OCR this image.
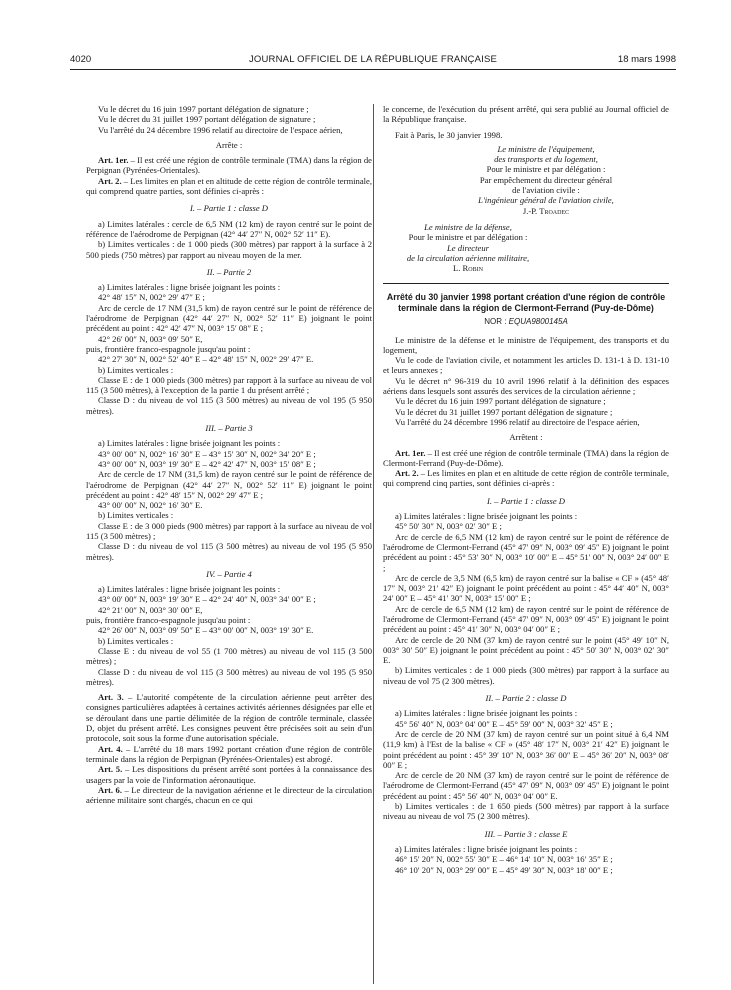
4020	JOURNAL OFFICIEL DE LA RÉPUBLIQUE FRANÇAISE	18 mars 1998

Vu le décret du 16 juin 1997 portant délégation de signature ;

Vu le décret du 31 juillet 1997 portant délégation de signature ;

Vu l'arrêté du 24 décembre 1996 relatif au directoire de l'espace aérien,

Arrête :

Art. 1er. – Il est créé une région de contrôle terminale (TMA) dans la région de Perpignan (Pyrénées-Orientales).

Art. 2. – Les limites en plan et en altitude de cette région de contrôle terminale, qui comprend quatre parties, sont définies ci-après :

I. – Partie 1 : classe D

a) Limites latérales : cercle de 6,5 NM (12 km) de rayon centré sur le point de référence de l'aérodrome de Perpignan (42° 44′ 27″ N, 002° 52′ 11″ E).

b) Limites verticales : de 1 000 pieds (300 mètres) par rapport à la surface à 2 500 pieds (750 mètres) par rapport au niveau moyen de la mer.

II. – Partie 2

a) Limites latérales : ligne brisée joignant les points :

42° 48′ 15″ N, 002° 29′ 47″ E ;

Arc de cercle de 17 NM (31,5 km) de rayon centré sur le point de référence de l'aérodrome de Perpignan (42° 44′ 27″ N, 002° 52′ 11″ E) joignant le point précédent au point : 42° 42′ 47″ N, 003° 15′ 08″ E ;

42° 26′ 00″ N, 003° 09′ 50″ E,

puis, frontière franco-espagnole jusqu'au point :

42° 27′ 30″ N, 002° 52′ 40″ E – 42° 48′ 15″ N, 002° 29′ 47″ E.

b) Limites verticales :

Classe E : de 1 000 pieds (300 mètres) par rapport à la surface au niveau de vol 115 (3 500 mètres), à l'exception de la partie 1 du présent arrêté ;

Classe D : du niveau de vol 115 (3 500 mètres) au niveau de vol 195 (5 950 mètres).

III. – Partie 3

a) Limites latérales : ligne brisée joignant les points :

43° 00′ 00″ N, 002° 16′ 30″ E – 43° 15′ 30″ N, 002° 34′ 20″ E ;

43° 00′ 00″ N, 003° 19′ 30″ E – 42° 42′ 47″ N, 003° 15′ 08″ E ;

Arc de cercle de 17 NM (31,5 km) de rayon centré sur le point de référence de l'aérodrome de Perpignan (42° 44′ 27″ N, 002° 52′ 11″ E) joignant le point précédent au point : 42° 48′ 15″ N, 002° 29′ 47″ E ;

43° 00′ 00″ N, 002° 16′ 30″ E.

b) Limites verticales :

Classe E : de 3 000 pieds (900 mètres) par rapport à la surface au niveau de vol 115 (3 500 mètres) ;

Classe D : du niveau de vol 115 (3 500 mètres) au niveau de vol 195 (5 950 mètres).

IV. – Partie 4

a) Limites latérales : ligne brisée joignant les points :

43° 00′ 00″ N, 003° 19′ 30″ E – 42° 24′ 40″ N, 003° 34′ 00″ E ;

42° 21′ 00″ N, 003° 30′ 00″ E,

puis, frontière franco-espagnole jusqu'au point :

42° 26′ 00″ N, 003° 09′ 50″ E – 43° 00′ 00″ N, 003° 19′ 30″ E.

b) Limites verticales :

Classe E : du niveau de vol 55 (1 700 mètres) au niveau de vol 115 (3 500 mètres) ;

Classe D : du niveau de vol 115 (3 500 mètres) au niveau de vol 195 (5 950 mètres).

Art. 3. – L'autorité compétente de la circulation aérienne peut arrêter des consignes particulières adaptées à certaines activités aériennes désignées par elle et se déroulant dans une partie délimitée de la région de contrôle terminale, classée D, objet du présent arrêté. Les consignes peuvent être précisées soit au sein d'un protocole, soit sous la forme d'une autorisation spéciale.

Art. 4. – L'arrêté du 18 mars 1992 portant création d'une région de contrôle terminale dans la région de Perpignan (Pyrénées-Orientales) est abrogé.

Art. 5. – Les dispositions du présent arrêté sont portées à la connaissance des usagers par la voie de l'information aéronautique.

Art. 6. – Le directeur de la navigation aérienne et le directeur de la circulation aérienne militaire sont chargés, chacun en ce qui

le concerne, de l'exécution du présent arrêté, qui sera publié au Journal officiel de la République française.

Fait à Paris, le 30 janvier 1998.

Le ministre de l'équipement,
des transports et du logement,
Pour le ministre et par délégation :
Par empêchement du directeur général
de l'aviation civile :
L'ingénieur général de l'aviation civile,
J.-P. Troadec
Le ministre de la défense,
Pour le ministre et par délégation :
Le directeur
de la circulation aérienne militaire,
L. Robin

Arrêté du 30 janvier 1998 portant création d'une région de contrôle terminale dans la région de Clermont-Ferrand (Puy-de-Dôme)

NOR : EQUA9800145A

Le ministre de la défense et le ministre de l'équipement, des transports et du logement,

Vu le code de l'aviation civile, et notamment les articles D. 131-1 à D. 131-10 et leurs annexes ;

Vu le décret n° 96-319 du 10 avril 1996 relatif à la définition des espaces aériens dans lesquels sont assurés des services de la circulation aérienne ;

Vu le décret du 16 juin 1997 portant délégation de signature ;

Vu le décret du 31 juillet 1997 portant délégation de signature ;

Vu l'arrêté du 24 décembre 1996 relatif au directoire de l'espace aérien,

Arrêtent :

Art. 1er. – Il est créé une région de contrôle terminale (TMA) dans la région de Clermont-Ferrand (Puy-de-Dôme).

Art. 2. – Les limites en plan et en altitude de cette région de contrôle terminale, qui comprend cinq parties, sont définies ci-après :

I. – Partie 1 : classe D

a) Limites latérales : ligne brisée joignant les points :

45° 50′ 30″ N, 003° 02′ 30″ E ;

Arc de cercle de 6,5 NM (12 km) de rayon centré sur le point de référence de l'aérodrome de Clermont-Ferrand (45° 47′ 09″ N, 003° 09′ 45″ E) joignant le point précédent au point : 45° 53′ 30″ N, 003° 10′ 00″ E – 45° 51′ 00″ N, 003° 24′ 00″ E ;

Arc de cercle de 3,5 NM (6,5 km) de rayon centré sur la balise « CF » (45° 48′ 17″ N, 003° 21′ 42″ E) joignant le point précédent au point : 45° 44′ 40″ N, 003° 24′ 00″ E – 45° 41′ 30″ N, 003° 15′ 00″ E ;

Arc de cercle de 6,5 NM (12 km) de rayon centré sur le point de référence de l'aérodrome de Clermont-Ferrand (45° 47′ 09″ N, 003° 09′ 45″ E) joignant le point précédent au point : 45° 41′ 30″ N, 003° 04′ 00″ E ;

Arc de cercle de 20 NM (37 km) de rayon centré sur le point (45° 49′ 10″ N, 003° 30′ 50″ E) joignant le point précédent au point : 45° 50′ 30″ N, 003° 02′ 30″ E.

b) Limites verticales : de 1 000 pieds (300 mètres) par rapport à la surface au niveau de vol 75 (2 300 mètres).

II. – Partie 2 : classe D

a) Limites latérales : ligne brisée joignant les points :

45° 56′ 40″ N, 003° 04′ 00″ E – 45° 59′ 00″ N, 003° 32′ 45″ E ;

Arc de cercle de 20 NM (37 km) de rayon centré sur un point situé à 6,4 NM (11,9 km) à l'Est de la balise « CF » (45° 48′ 17″ N, 003° 21′ 42″ E) joignant le point précédent au point : 45° 39′ 10″ N, 003° 36′ 00″ E – 45° 36′ 20″ N, 003° 08′ 00″ E ;

Arc de cercle de 20 NM (37 km) de rayon centré sur le point de référence de l'aérodrome de Clermont-Ferrand (45° 47′ 09″ N, 003° 09′ 45″ E) joignant le point précédent au point : 45° 56′ 40″ N, 003° 04′ 00″ E.

b) Limites verticales : de 1 650 pieds (500 mètres) par rapport à la surface niveau au niveau de vol 75 (2 300 mètres).

III. – Partie 3 : classe E

a) Limites latérales : ligne brisée joignant les points :

46° 15′ 20″ N, 002° 55′ 30″ E – 46° 14′ 10″ N, 003° 16′ 35″ E ;

46° 10′ 20″ N, 003° 29′ 00″ E – 45° 49′ 30″ N, 003° 18′ 00″ E ;
